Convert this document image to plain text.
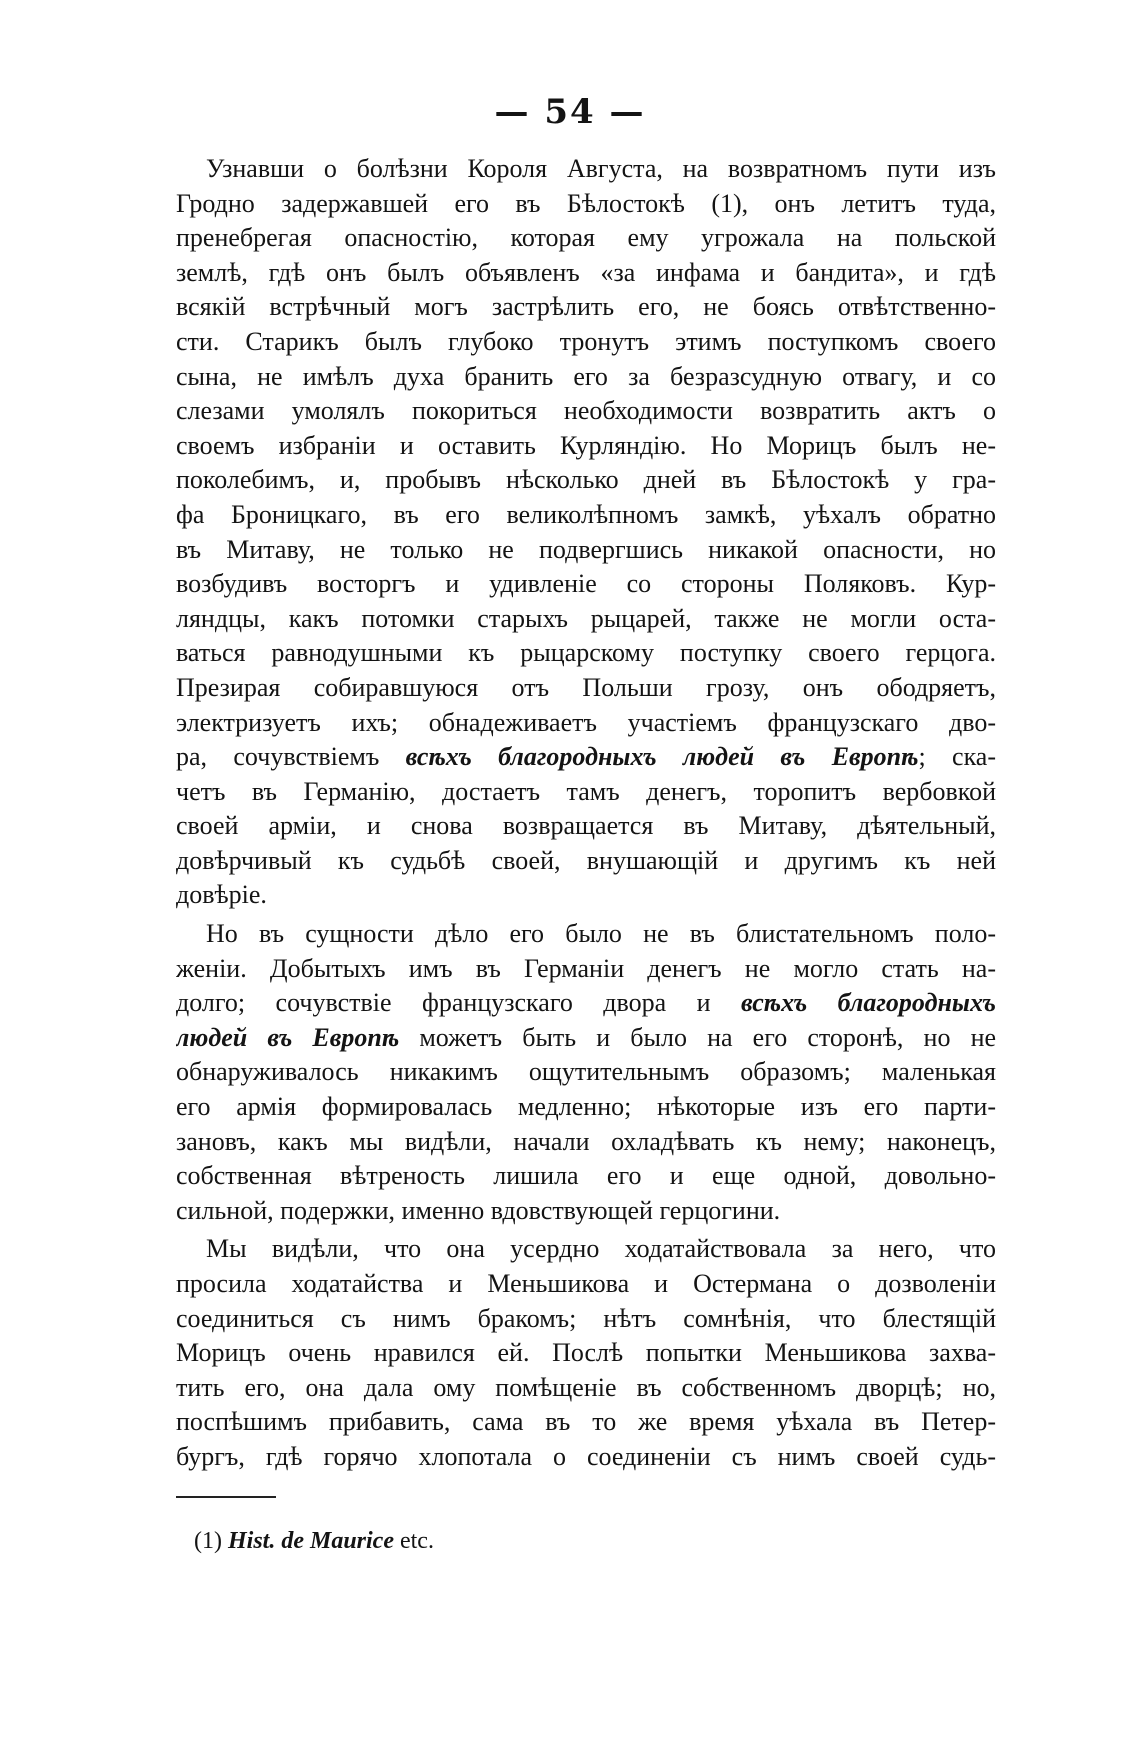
— 54 —
Узнавши о болѣзни Короля Августа, на возвратномъ пути изъ
Гродно задержавшей его въ Бѣлостокѣ (1), онъ летитъ туда,
пренебрегая опасностію, которая ему угрожала на польской
землѣ, гдѣ онъ былъ объявленъ «за инфама и бандита», и гдѣ
всякій встрѣчный могъ застрѣлить его, не боясь отвѣтственно-
сти. Старикъ былъ глубоко тронутъ этимъ поступкомъ своего
сына, не имѣлъ духа бранить его за безразсудную отвагу, и со
слезами умолялъ покориться необходимости возвратить актъ о
своемъ избраніи и оставить Курляндію. Но Морицъ былъ не-
поколебимъ, и, пробывъ нѣсколько дней въ Бѣлостокѣ у гра-
фа Броницкаго, въ его великолѣпномъ замкѣ, уѣхалъ обратно
въ Митаву, не только не подвергшись никакой опасности, но
возбудивъ восторгъ и удивленіе со стороны Поляковъ. Кур-
ляндцы, какъ потомки старыхъ рыцарей, также не могли оста-
ваться равнодушными къ рыцарскому поступку своего герцога.
Презирая собиравшуюся отъ Польши грозу, онъ ободряетъ,
электризуетъ ихъ; обнадеживаетъ участіемъ французскаго дво-
ра, сочувствіемъ всѣхъ благородныхъ людей въ Европѣ; ска-
четъ въ Германію, достаетъ тамъ денегъ, торопитъ вербовкой
своей арміи, и снова возвращается въ Митаву, дѣятельный,
довѣрчивый къ судьбѣ своей, внушающій и другимъ къ ней
довѣріе.
Но въ сущности дѣло его было не въ блистательномъ поло-
женіи. Добытыхъ имъ въ Германіи денегъ не могло стать на-
долго; сочувствіе французскаго двора и всѣхъ благородныхъ
людей въ Европѣ можетъ быть и было на его сторонѣ, но не
обнаруживалось никакимъ ощутительнымъ образомъ; маленькая
его армія формировалась медленно; нѣкоторые изъ его парти-
зановъ, какъ мы видѣли, начали охладѣвать къ нему; наконецъ,
собственная вѣтреность лишила его и еще одной, довольно-
сильной, подержки, именно вдовствующей герцогини.
Мы видѣли, что она усердно ходатайствовала за него, что
просила ходатайства и Меньшикова и Остермана о дозволеніи
соединиться съ нимъ бракомъ; нѣтъ сомнѣнія, что блестящій
Морицъ очень нравился ей. Послѣ попытки Меньшикова захва-
тить его, она дала ому помѣщеніе въ собственномъ дворцѣ; но,
поспѣшимъ прибавить, сама въ то же время уѣхала въ Петер-
бургъ, гдѣ горячо хлопотала о соединеніи съ нимъ своей судь-
(1) Hist. de Maurice etc.
